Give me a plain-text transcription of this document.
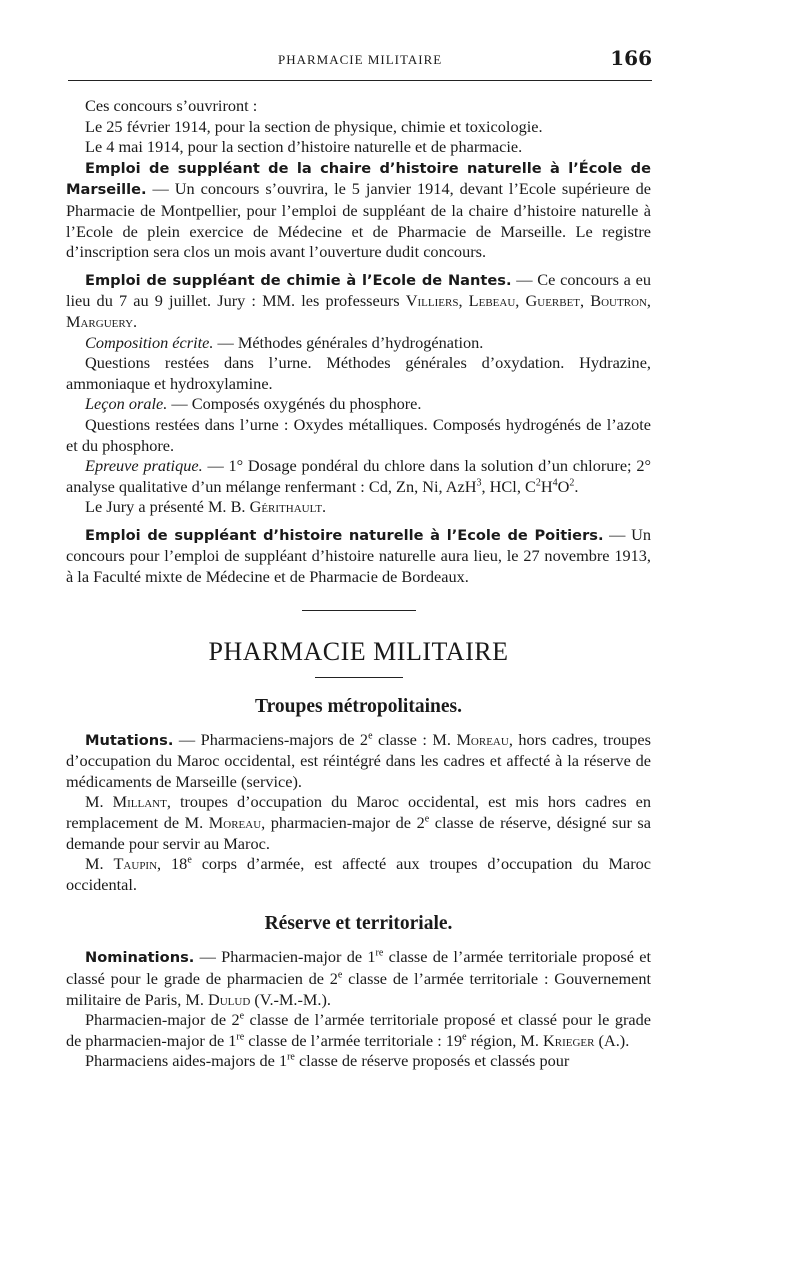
PHARMACIE MILITAIRE	166

Ces concours s’ouvriront :

Le 25 février 1914, pour la section de physique, chimie et toxicologie.

Le 4 mai 1914, pour la section d’histoire naturelle et de pharmacie.

Emploi de suppléant de la chaire d’histoire naturelle à l’École de Marseille. — Un concours s’ouvrira, le 5 janvier 1914, devant l’Ecole supérieure de Pharmacie de Montpellier, pour l’emploi de suppléant de la chaire d’histoire naturelle à l’Ecole de plein exercice de Médecine et de Pharmacie de Marseille. Le registre d’inscription sera clos un mois avant l’ouverture dudit concours.

Emploi de suppléant de chimie à l’Ecole de Nantes. — Ce concours a eu lieu du 7 au 9 juillet. Jury : MM. les professeurs Villiers, Lebeau, Guerbet, Boutron, Marguery.

Composition écrite. — Méthodes générales d’hydrogénation.

Questions restées dans l’urne. Méthodes générales d’oxydation. Hydrazine, ammoniaque et hydroxylamine.

Leçon orale. — Composés oxygénés du phosphore.

Questions restées dans l’urne : Oxydes métalliques. Composés hydrogénés de l’azote et du phosphore.

Epreuve pratique. — 1° Dosage pondéral du chlore dans la solution d’un chlorure; 2° analyse qualitative d’un mélange renfermant : Cd, Zn, Ni, AzH$^3$, HCl, $C^2H^4O^2$.

Le Jury a présenté M. B. Gérithault.

Emploi de suppléant d’histoire naturelle à l’Ecole de Poitiers. — Un concours pour l’emploi de suppléant d’histoire naturelle aura lieu, le 27 novembre 1913, à la Faculté mixte de Médecine et de Pharmacie de Bordeaux.

PHARMACIE MILITAIRE
Troupes métropolitaines.

Mutations. — Pharmaciens-majors de 2e classe : M. Moreau, hors cadres, troupes d’occupation du Maroc occidental, est réintégré dans les cadres et affecté à la réserve de médicaments de Marseille (service).

M. Millant, troupes d’occupation du Maroc occidental, est mis hors cadres en remplacement de M. Moreau, pharmacien-major de 2e classe de réserve, désigné sur sa demande pour servir au Maroc.

M. Taupin, 18e corps d’armée, est affecté aux troupes d’occupation du Maroc occidental.

Réserve et territoriale.

Nominations. — Pharmacien-major de 1re classe de l’armée territoriale proposé et classé pour le grade de pharmacien de 2e classe de l’armée territoriale : Gouvernement militaire de Paris, M. Dulud (V.-M.-M.).

Pharmacien-major de 2e classe de l’armée territoriale proposé et classé pour le grade de pharmacien-major de 1re classe de l’armée territoriale : 19e région, M. Krieger (A.).

Pharmaciens aides-majors de 1re classe de réserve proposés et classés pour
